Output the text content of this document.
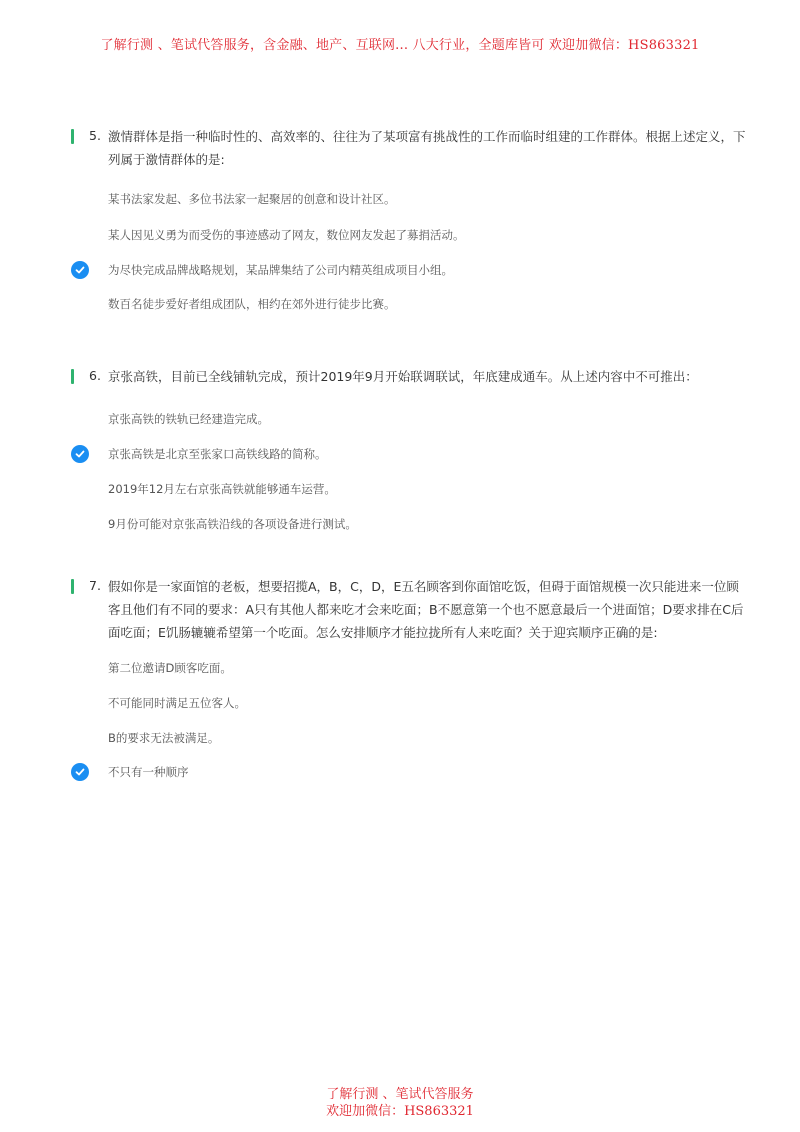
了解行测 、笔试代答服务，含金融、地产、互联网... 八大行业，全题库皆可 欢迎加微信：HS863321
5. 激情群体是指一种临时性的、高效率的、往往为了某项富有挑战性的工作而临时组建的工作群体。根据上述定义，下列属于激情群体的是:
某书法家发起、多位书法家一起聚居的创意和设计社区。
某人因见义勇为而受伤的事迹感动了网友，数位网友发起了募捐活动。
为尽快完成品牌战略规划，某品牌集结了公司内精英组成项目小组。
数百名徒步爱好者组成团队，相约在郊外进行徒步比赛。
6. 京张高铁，目前已全线铺轨完成，预计2019年9月开始联调联试，年底建成通车。从上述内容中不可推出：
京张高铁的铁轨已经建造完成。
京张高铁是北京至张家口高铁线路的简称。
2019年12月左右京张高铁就能够通车运营。
9月份可能对京张高铁沿线的各项设备进行测试。
7. 假如你是一家面馆的老板，想要招揽A，B，C，D，E五名顾客到你面馆吃饭，但碍于面馆规模一次只能进来一位顾客且他们有不同的要求：A只有其他人都来吃才会来吃面；B不愿意第一个也不愿意最后一个进面馆；D要求排在C后面吃面；E饥肠辘辘希望第一个吃面。怎么安排顺序才能拉拢所有人来吃面？关于迎宾顺序正确的是:
第二位邀请D顾客吃面。
不可能同时满足五位客人。
B的要求无法被满足。
不只有一种顺序
了解行测 、笔试代答服务
欢迎加微信：HS863321
